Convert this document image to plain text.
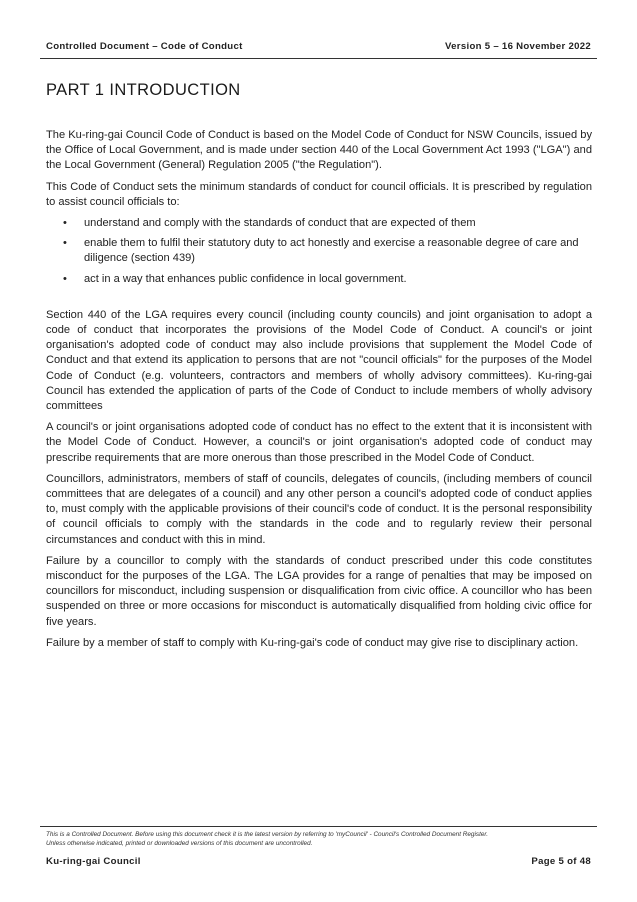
Controlled Document – Code of Conduct	Version 5 – 16 November 2022
PART 1 INTRODUCTION

The Ku-ring-gai Council Code of Conduct is based on the Model Code of Conduct for NSW Councils, issued by the Office of Local Government, and is made under section 440 of the Local Government Act 1993 ("LGA") and the Local Government (General) Regulation 2005 ("the Regulation").

This Code of Conduct sets the minimum standards of conduct for council officials. It is prescribed by regulation to assist council officials to:

• understand and comply with the standards of conduct that are expected of them
• enable them to fulfil their statutory duty to act honestly and exercise a reasonable degree of care and diligence (section 439)
• act in a way that enhances public confidence in local government.

Section 440 of the LGA requires every council (including county councils) and joint organisation to adopt a code of conduct that incorporates the provisions of the Model Code of Conduct. A council's or joint organisation's adopted code of conduct may also include provisions that supplement the Model Code of Conduct and that extend its application to persons that are not "council officials" for the purposes of the Model Code of Conduct (e.g. volunteers, contractors and members of wholly advisory committees). Ku-ring-gai Council has extended the application of parts of the Code of Conduct to include members of wholly advisory committees

A council's or joint organisations adopted code of conduct has no effect to the extent that it is inconsistent with the Model Code of Conduct. However, a council's or joint organisation's adopted code of conduct may prescribe requirements that are more onerous than those prescribed in the Model Code of Conduct.

Councillors, administrators, members of staff of councils, delegates of councils, (including members of council committees that are delegates of a council) and any other person a council's adopted code of conduct applies to, must comply with the applicable provisions of their council's code of conduct. It is the personal responsibility of council officials to comply with the standards in the code and to regularly review their personal circumstances and conduct with this in mind.

Failure by a councillor to comply with the standards of conduct prescribed under this code constitutes misconduct for the purposes of the LGA. The LGA provides for a range of penalties that may be imposed on councillors for misconduct, including suspension or disqualification from civic office. A councillor who has been suspended on three or more occasions for misconduct is automatically disqualified from holding civic office for five years.

Failure by a member of staff to comply with Ku-ring-gai's code of conduct may give rise to disciplinary action.

This is a Controlled Document. Before using this document check it is the latest version by referring to 'myCouncil' - Council's Controlled Document Register.
Unless otherwise indicated, printed or downloaded versions of this document are uncontrolled.
Ku-ring-gai Council	Page 5 of 48
